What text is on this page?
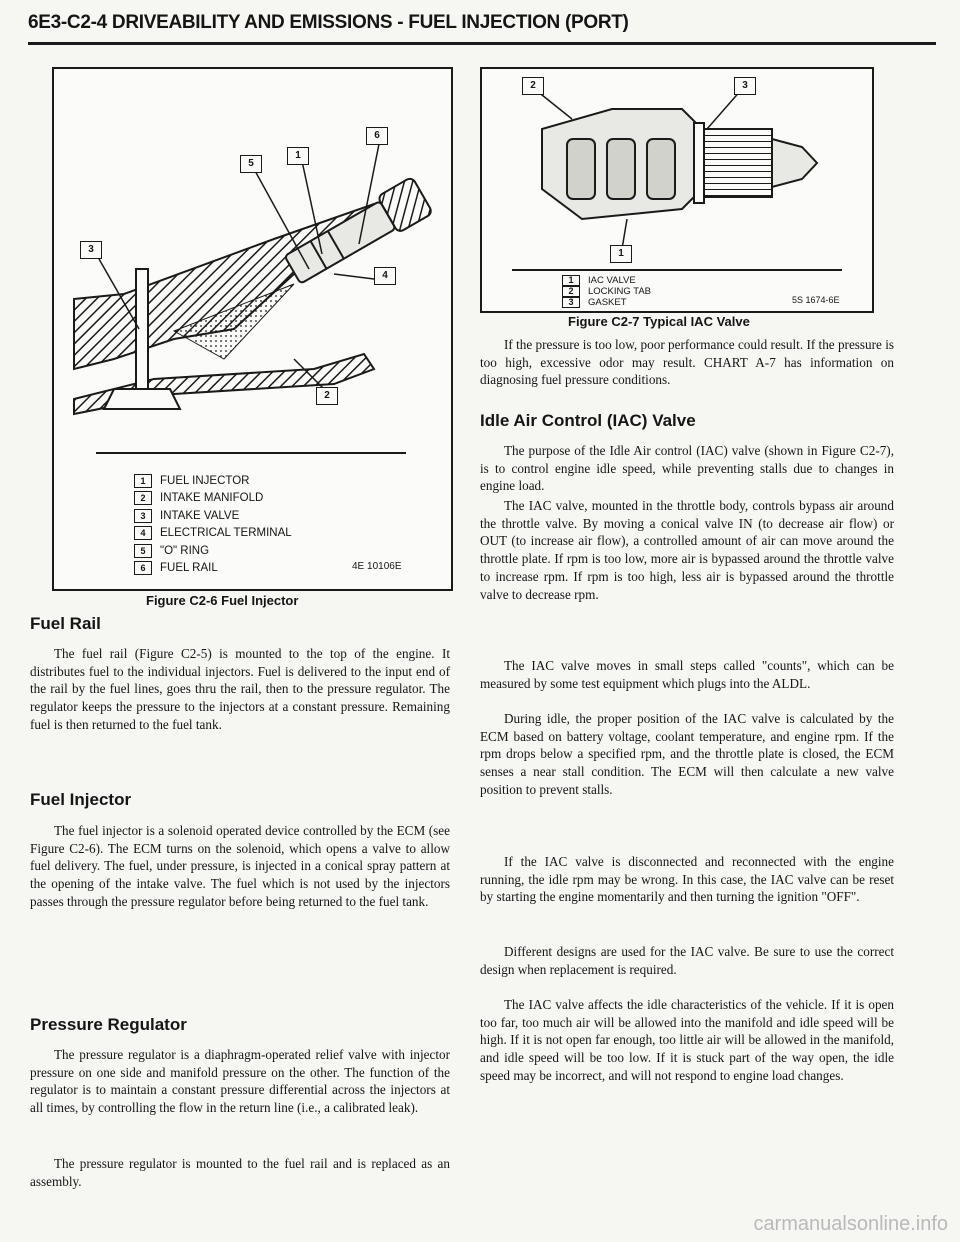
6E3-C2-4 DRIVEABILITY AND EMISSIONS - FUEL INJECTION (PORT)
1
2
3
4
5
6
1	FUEL INJECTOR
2	INTAKE MANIFOLD
3	INTAKE VALVE
4	ELECTRICAL TERMINAL
5	"O" RING
6	FUEL RAIL	4E 10106E
Figure C2-6 Fuel Injector
Fuel Rail

The fuel rail (Figure C2-5) is mounted to the top of the engine. It distributes fuel to the individual injectors. Fuel is delivered to the input end of the rail by the fuel lines, goes thru the rail, then to the pressure regulator. The regulator keeps the pressure to the injectors at a constant pressure. Remaining fuel is then returned to the fuel tank.

Fuel Injector

The fuel injector is a solenoid operated device controlled by the ECM (see Figure C2-6). The ECM turns on the solenoid, which opens a valve to allow fuel delivery. The fuel, under pressure, is injected in a conical spray pattern at the opening of the intake valve. The fuel which is not used by the injectors passes through the pressure regulator before being returned to the fuel tank.

Pressure Regulator

The pressure regulator is a diaphragm-operated relief valve with injector pressure on one side and manifold pressure on the other. The function of the regulator is to maintain a constant pressure differential across the injectors at all times, by controlling the flow in the return line (i.e., a calibrated leak).

The pressure regulator is mounted to the fuel rail and is replaced as an assembly.

1
2	3
1	IAC VALVE
2	LOCKING TAB
3	GASKET	5S 1674-6E
Figure C2-7 Typical IAC Valve

If the pressure is too low, poor performance could result. If the pressure is too high, excessive odor may result. CHART A-7 has information on diagnosing fuel pressure conditions.

Idle Air Control (IAC) Valve

The purpose of the Idle Air control (IAC) valve (shown in Figure C2-7), is to control engine idle speed, while preventing stalls due to changes in engine load.

The IAC valve, mounted in the throttle body, controls bypass air around the throttle valve. By moving a conical valve IN (to decrease air flow) or OUT (to increase air flow), a controlled amount of air can move around the throttle plate. If rpm is too low, more air is bypassed around the throttle valve to increase rpm. If rpm is too high, less air is bypassed around the throttle valve to decrease rpm.

The IAC valve moves in small steps called "counts", which can be measured by some test equipment which plugs into the ALDL.

During idle, the proper position of the IAC valve is calculated by the ECM based on battery voltage, coolant temperature, and engine rpm. If the rpm drops below a specified rpm, and the throttle plate is closed, the ECM senses a near stall condition. The ECM will then calculate a new valve position to prevent stalls.

If the IAC valve is disconnected and reconnected with the engine running, the idle rpm may be wrong. In this case, the IAC valve can be reset by starting the engine momentarily and then turning the ignition "OFF".

Different designs are used for the IAC valve. Be sure to use the correct design when replacement is required.

The IAC valve affects the idle characteristics of the vehicle. If it is open too far, too much air will be allowed into the manifold and idle speed will be high. If it is not open far enough, too little air will be allowed in the manifold, and idle speed will be too low. If it is stuck part of the way open, the idle speed may be incorrect, and will not respond to engine load changes.

carmanualsonline.info
